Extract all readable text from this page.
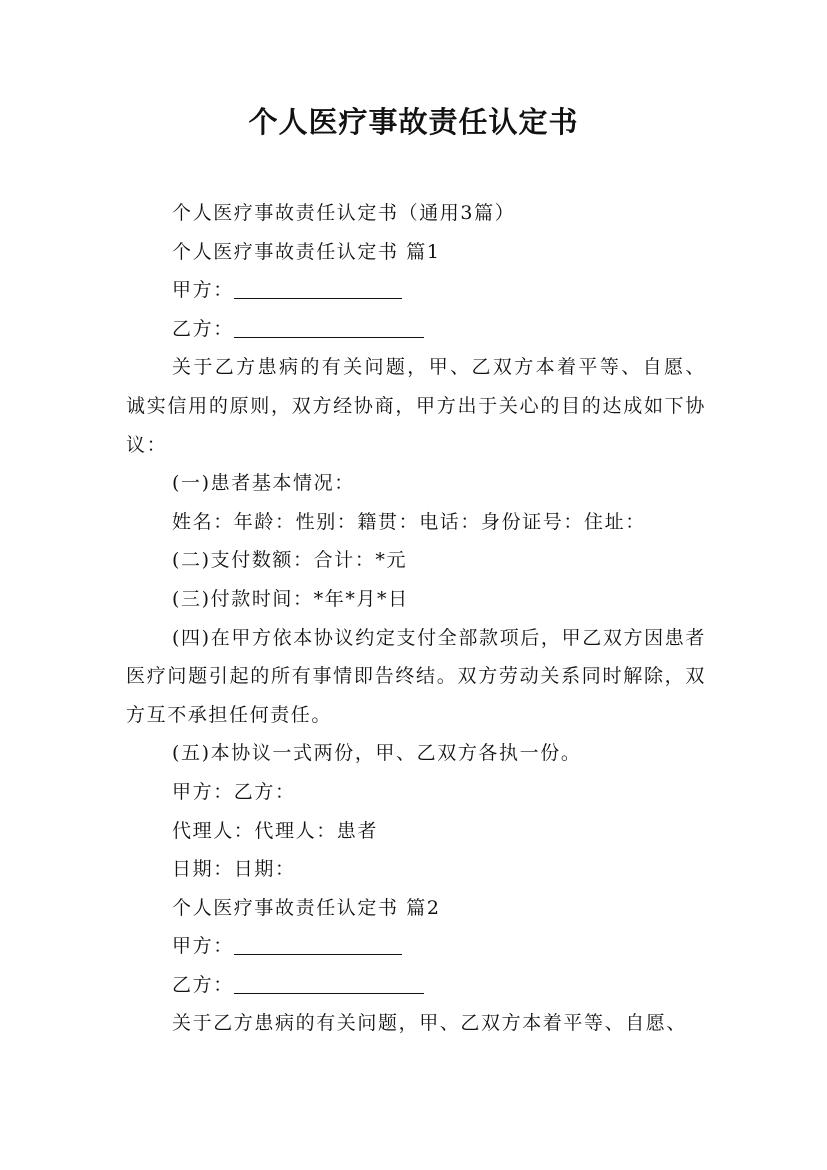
个人医疗事故责任认定书

个人医疗事故责任认定书（通用3篇）

个人医疗事故责任认定书 篇1

甲方：

乙方：

关于乙方患病的有关问题，甲、乙双方本着平等、自愿、诚实信用的原则，双方经协商，甲方出于关心的目的达成如下协议：

(一)患者基本情况：

姓名：年龄：性别：籍贯：电话：身份证号：住址：

(二)支付数额：合计：*元

(三)付款时间：*年*月*日

(四)在甲方依本协议约定支付全部款项后，甲乙双方因患者医疗问题引起的所有事情即告终结。双方劳动关系同时解除，双方互不承担任何责任。

(五)本协议一式两份，甲、乙双方各执一份。

甲方：乙方：

代理人：代理人：患者

日期：日期：

个人医疗事故责任认定书 篇2

甲方：

乙方：

关于乙方患病的有关问题，甲、乙双方本着平等、自愿、
